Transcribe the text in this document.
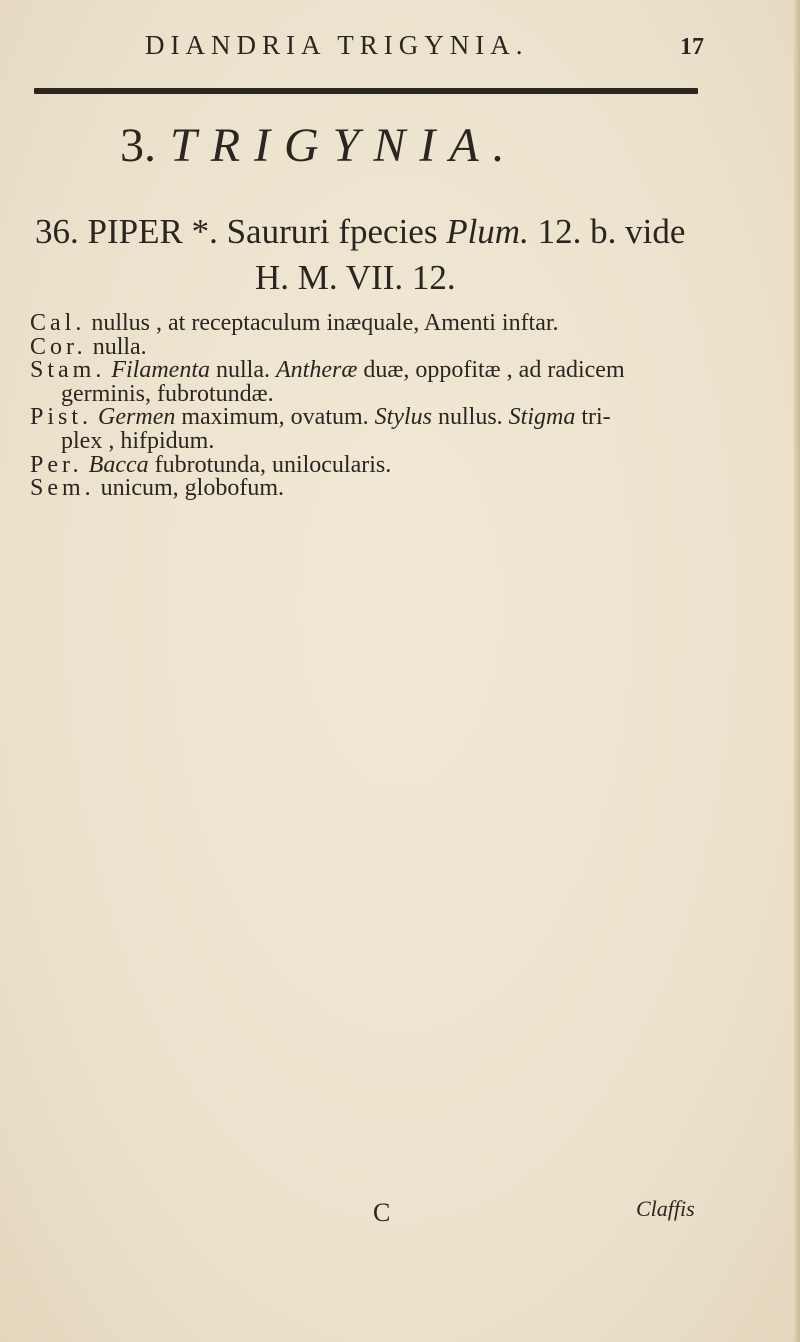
DIANDRIA TRIGYNIA.	17
3. TRIGYNIA.
36. PIPER *. Saururi fpecies Plum. 12. b. vide
H. M. VII. 12.
Cal. nullus , at receptaculum inæquale, Amenti inftar.
Cor. nulla.
Stam. Filamenta nulla. Antheræ duæ, oppofitæ , ad radicem
germinis, fubrotundæ.
Pist. Germen maximum, ovatum. Stylus nullus. Stigma tri-
plex , hifpidum.
Per. Bacca fubrotunda, unilocularis.
Sem. unicum, globofum.
C	Claffis
